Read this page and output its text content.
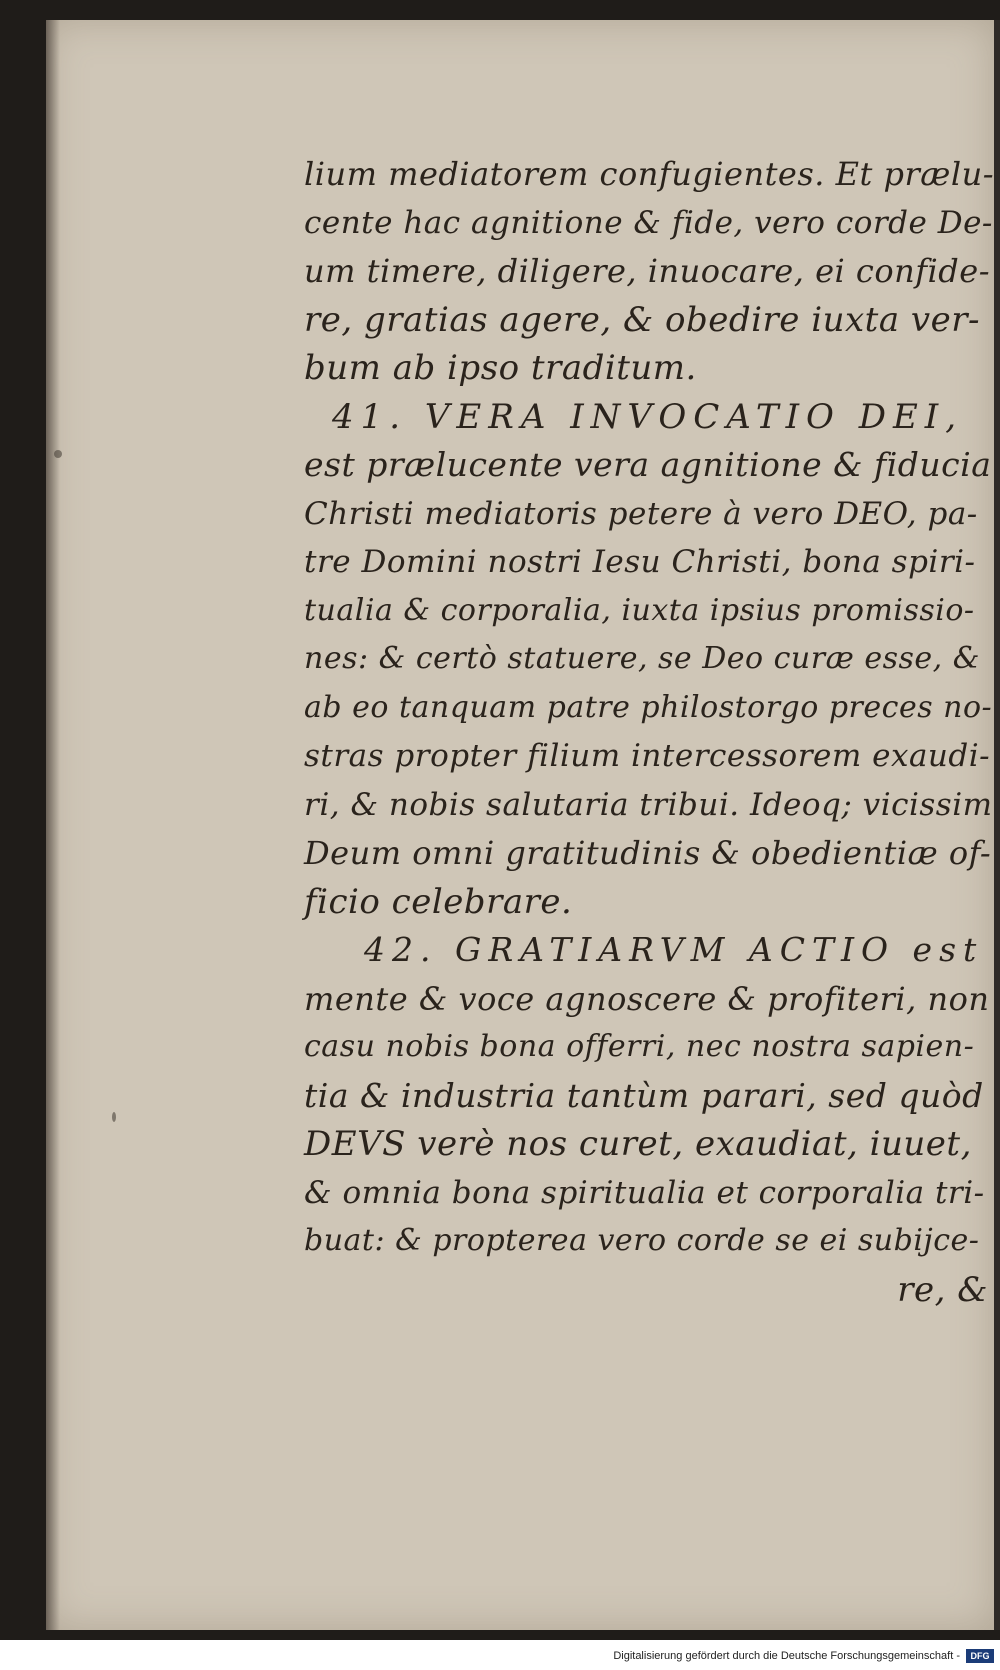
lium mediatorem confugientes. Et prælu-
cente hac agnitione & fide, vero corde De-
um timere, diligere, inuocare, ei confide-
re, gratias agere, & obedire iuxta ver-
bum ab ipso traditum.
41. VERA INVOCATIO DEI,
est prælucente vera agnitione & fiducia
Christi mediatoris petere à vero DEO, pa-
tre Domini nostri Iesu Christi, bona spiri-
tualia & corporalia, iuxta ipsius promissio-
nes: & certò statuere, se Deo curæ esse, &
ab eo tanquam patre philostorgo preces no-
stras propter filium intercessorem exaudi-
ri, & nobis salutaria tribui. Ideoq; vicissim
Deum omni gratitudinis & obedientiæ of-
ficio celebrare.
42. GRATIARVM ACTIO est
mente & voce agnoscere & profiteri, non
casu nobis bona offerri, nec nostra sapien-
tia & industria tantùm parari, sed quòd
DEVS verè nos curet, exaudiat, iuuet,
& omnia bona spiritualia et corporalia tri-
buat: & propterea vero corde se ei subijce-
re, &
Digitalisierung gefördert durch die Deutsche Forschungsgemeinschaft -	DFG
